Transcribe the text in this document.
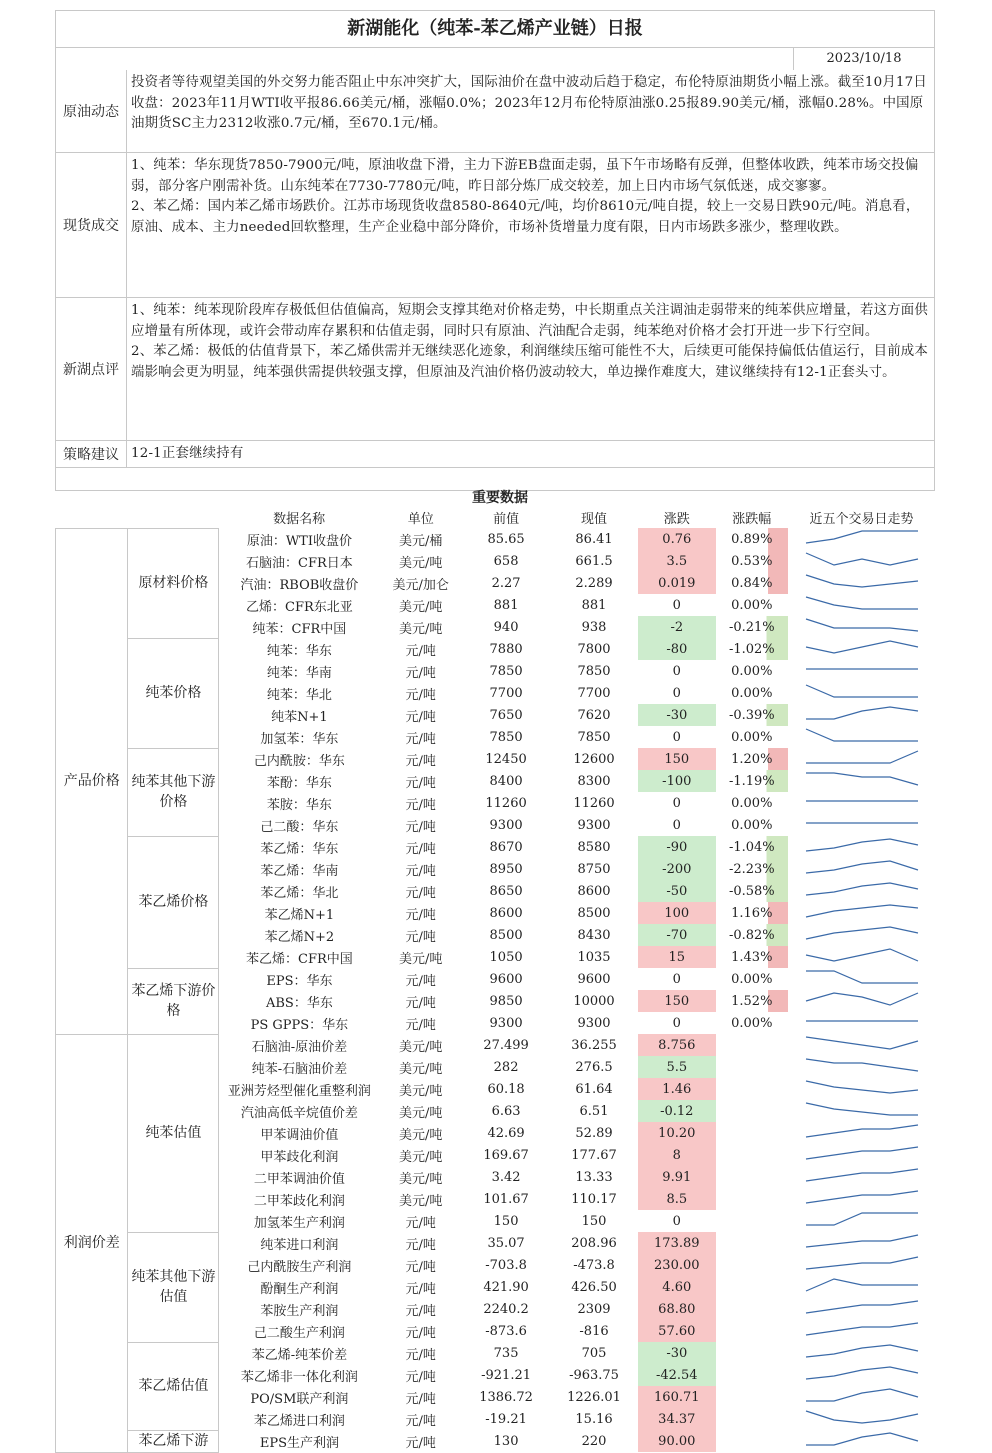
新湖能化（纯苯-苯乙烯产业链）日报
2023/10/18
原油动态
投资者等待观望美国的外交努力能否阻止中东冲突扩大，国际油价在盘中波动后趋于稳定，布伦特原油期货小幅上涨。截至10月17日收盘：2023年11月WTI收平报86.66美元/桶，涨幅0.0%；2023年12月布伦特原油涨0.25报89.90美元/桶，涨幅0.28%。中国原油期货SC主力2312收涨0.7元/桶，至670.1元/桶。
现货成交

1、纯苯：华东现货7850-7900元/吨，原油收盘下滑，主力下游EB盘面走弱，虽下午市场略有反弹，但整体收跌，纯苯市场交投偏弱，部分客户刚需补货。山东纯苯在7730-7780元/吨，昨日部分炼厂成交较差，加上日内市场气氛低迷，成交寥寥。

2、苯乙烯：国内苯乙烯市场跌价。江苏市场现货收盘8580-8640元/吨，均价8610元/吨自提，较上一交易日跌90元/吨。消息看，原油、成本、主力needed回软整理，生产企业稳中部分降价，市场补货增量力度有限，日内市场跌多涨少，整理收跌。

新湖点评

1、纯苯：纯苯现阶段库存极低但估值偏高，短期会支撑其绝对价格走势，中长期重点关注调油走弱带来的纯苯供应增量，若这方面供应增量有所体现，或许会带动库存累积和估值走弱，同时只有原油、汽油配合走弱，纯苯绝对价格才会打开进一步下行空间。

2、苯乙烯：极低的估值背景下，苯乙烯供需并无继续恶化迹象，利润继续压缩可能性不大，后续更可能保持偏低估值运行，目前成本端影响会更为明显，纯苯强供需提供较强支撑，但原油及汽油价格仍波动较大，单边操作难度大，建议继续持有12-1正套头寸。

策略建议 12-1正套继续持有
		重要数据						
		数据名称	单位	前值	现值	涨跌	涨跌幅	近五个交易日走势
产品价格	原材料价格	原油：WTI收盘价	美元/桶	85.65	86.41	0.76	0.89%	
		石脑油：CFR日本	美元/吨	658	661.5	3.5	0.53%	
		汽油：RBOB收盘价	美元/加仑	2.27	2.289	0.019	0.84%	
		乙烯：CFR东北亚	美元/吨	881	881	0	0.00%	
		纯苯：CFR中国	美元/吨	940	938	-2	-0.21%	
	纯苯价格	纯苯：华东	元/吨	7880	7800	-80	-1.02%	
		纯苯：华南	元/吨	7850	7850	0	0.00%	
		纯苯：华北	元/吨	7700	7700	0	0.00%	
		纯苯N+1	元/吨	7650	7620	-30	-0.39%	
		加氢苯：华东	元/吨	7850	7850	0	0.00%	
	纯苯其他下游价格	己内酰胺：华东	元/吨	12450	12600	150	1.20%	
		苯酚：华东	元/吨	8400	8300	-100	-1.19%	
		苯胺：华东	元/吨	11260	11260	0	0.00%	
		己二酸：华东	元/吨	9300	9300	0	0.00%	
	苯乙烯价格	苯乙烯：华东	元/吨	8670	8580	-90	-1.04%	
		苯乙烯：华南	元/吨	8950	8750	-200	-2.23%	
		苯乙烯：华北	元/吨	8650	8600	-50	-0.58%	
		苯乙烯N+1	元/吨	8600	8500	100	1.16%	
		苯乙烯N+2	元/吨	8500	8430	-70	-0.82%	
		苯乙烯：CFR中国	美元/吨	1050	1035	15	1.43%	
	苯乙烯下游价格	EPS：华东	元/吨	9600	9600	0	0.00%	
		ABS：华东	元/吨	9850	10000	150	1.52%	
		PS GPPS：华东	元/吨	9300	9300	0	0.00%	
利润价差	纯苯估值	石脑油-原油价差	美元/吨	27.499	36.255	8.756		
		纯苯-石脑油价差	美元/吨	282	276.5	5.5		
		亚洲芳烃型催化重整利润	美元/吨	60.18	61.64	1.46		
		汽油高低辛烷值价差	美元/吨	6.63	6.51	-0.12		
		甲苯调油价值	美元/吨	42.69	52.89	10.20		
		甲苯歧化利润	美元/吨	169.67	177.67	8		
		二甲苯调油价值	美元/吨	3.42	13.33	9.91		
		二甲苯歧化利润	美元/吨	101.67	110.17	8.5		
		加氢苯生产利润	元/吨	150	150	0		
	纯苯其他下游估值	纯苯进口利润	元/吨	35.07	208.96	173.89		
		己内酰胺生产利润	元/吨	-703.8	-473.8	230.00		
		酚酮生产利润	元/吨	421.90	426.50	4.60		
		苯胺生产利润	元/吨	2240.2	2309	68.80		
		己二酸生产利润	元/吨	-873.6	-816	57.60		
	苯乙烯估值	苯乙烯-纯苯价差	元/吨	735	705	-30		
		苯乙烯非一体化利润	元/吨	-921.21	-963.75	-42.54		
		PO/SM联产利润	元/吨	1386.72	1226.01	160.71		
		苯乙烯进口利润	元/吨	-19.21	15.16	34.37		
	苯乙烯下游	EPS生产利润	元/吨	130	220	90.00		
